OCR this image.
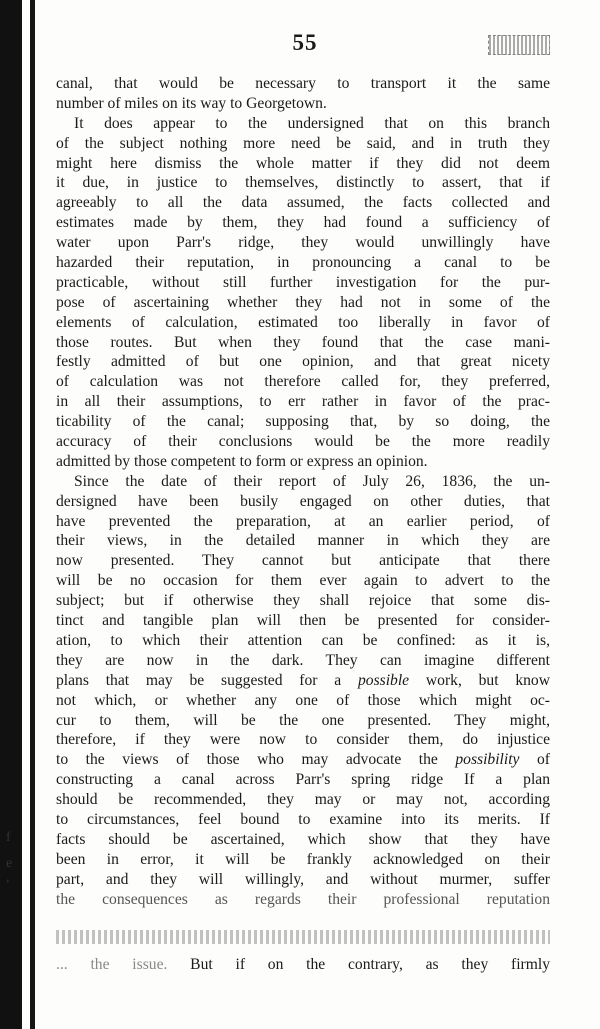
f
e
,
55
canal, that would be necessary to transport it the same
number of miles on its way to Georgetown.
It does appear to the undersigned that on this branch
of the subject nothing more need be said, and in truth they
might here dismiss the whole matter if they did not deem
it due, in justice to themselves, distinctly to assert, that if
agreeably to all the data assumed, the facts collected and
estimates made by them, they had found a sufficiency of
water upon Parr's ridge, they would unwillingly have
hazarded their reputation, in pronouncing a canal to be
practicable, without still further investigation for the pur-
pose of ascertaining whether they had not in some of the
elements of calculation, estimated too liberally in favor of
those routes. But when they found that the case mani-
festly admitted of but one opinion, and that great nicety
of calculation was not therefore called for, they preferred,
in all their assumptions, to err rather in favor of the prac-
ticability of the canal; supposing that, by so doing, the
accuracy of their conclusions would be the more readily
admitted by those competent to form or express an opinion.
Since the date of their report of July 26, 1836, the un-
dersigned have been busily engaged on other duties, that
have prevented the preparation, at an earlier period, of
their views, in the detailed manner in which they are
now presented. They cannot but anticipate that there
will be no occasion for them ever again to advert to the
subject; but if otherwise they shall rejoice that some dis-
tinct and tangible plan will then be presented for consider-
ation, to which their attention can be confined: as it is,
they are now in the dark. They can imagine different
plans that may be suggested for a possible work, but know
not which, or whether any one of those which might oc-
cur to them, will be the one presented. They might,
therefore, if they were now to consider them, do injustice
to the views of those who may advocate the possibility of
constructing a canal across Parr's spring ridge If a plan
should be recommended, they may or may not, according
to circumstances, feel bound to examine into its merits. If
facts should be ascertained, which show that they have
been in error, it will be frankly acknowledged on their
part, and they will willingly, and without murmer, suffer
the consequences as regards their professional reputation
... the issue. But if on the contrary, as they firmly
